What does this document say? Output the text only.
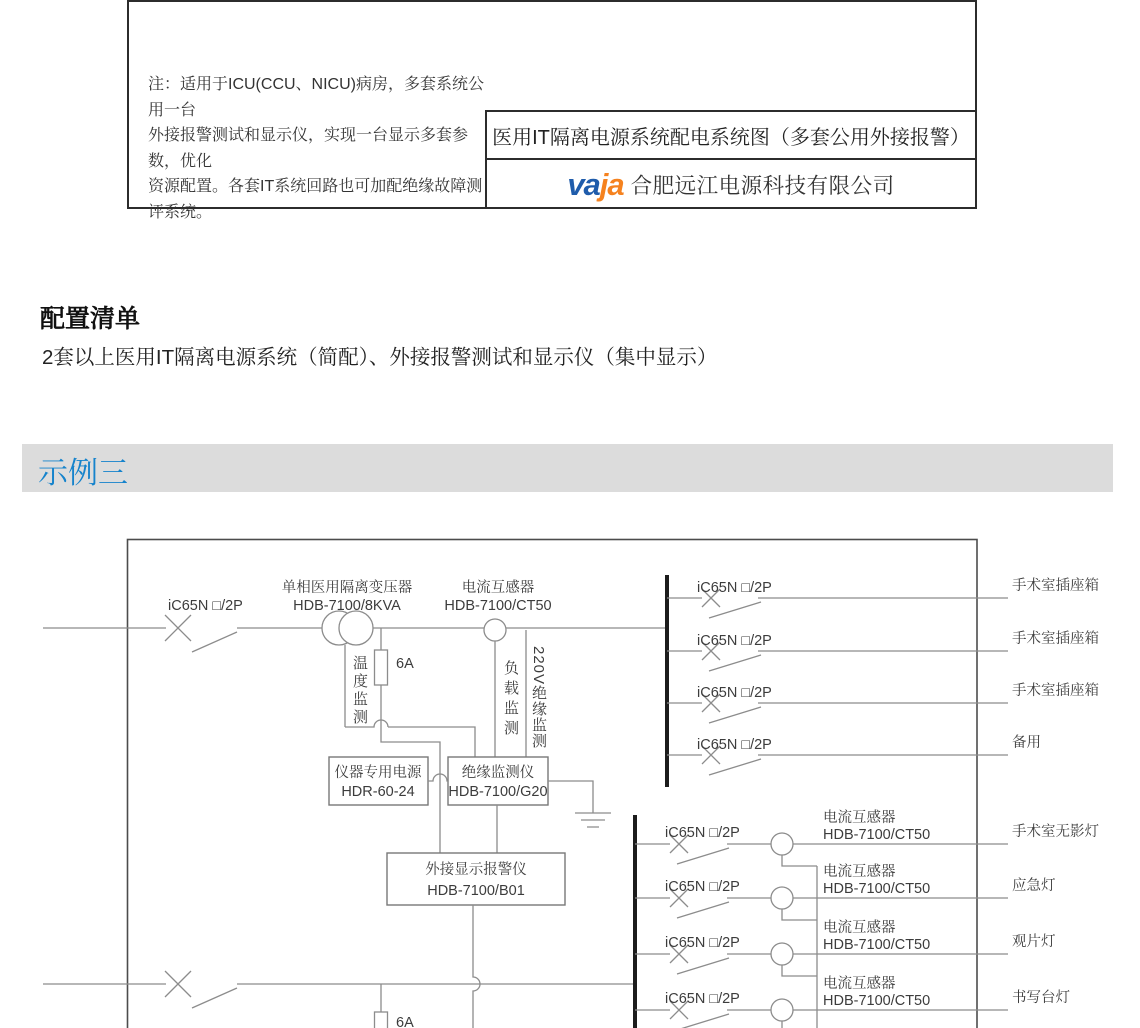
注：适用于ICU(CCU、NICU)病房，多套系统公用一台
外接报警测试和显示仪，实现一台显示多套参数，优化
资源配置。各套IT系统回路也可加配绝缘故障测评系统。
医用IT隔离电源系统配电系统图（多套公用外接报警）
vaja 合肥远江电源科技有限公司
配置清单
2套以上医用IT隔离电源系统（简配）、外接报警测试和显示仪（集中显示）
示例三
iC65N □/2P
单相医用隔离变压器
HDB-7100/8KVA
电流互感器
HDB-7100/CT50
6A
仪器专用电源
HDR-60-24
绝缘监测仪
HDB-7100/G20
外接显示报警仪
HDB-7100/B01
iC65N □/2P	手术室插座箱
iC65N □/2P	手术室插座箱
iC65N □/2P	手术室插座箱
iC65N □/2P	备用
6A
iC65N □/2P
电流互感器
HDB-7100/CT50	手术室无影灯
iC65N □/2P
电流互感器
HDB-7100/CT50	应急灯
iC65N □/2P
电流互感器
HDB-7100/CT50	观片灯
iC65N □/2P
电流互感器
HDB-7100/CT50	书写台灯
温度监测	负载监测 220V绝缘监测
